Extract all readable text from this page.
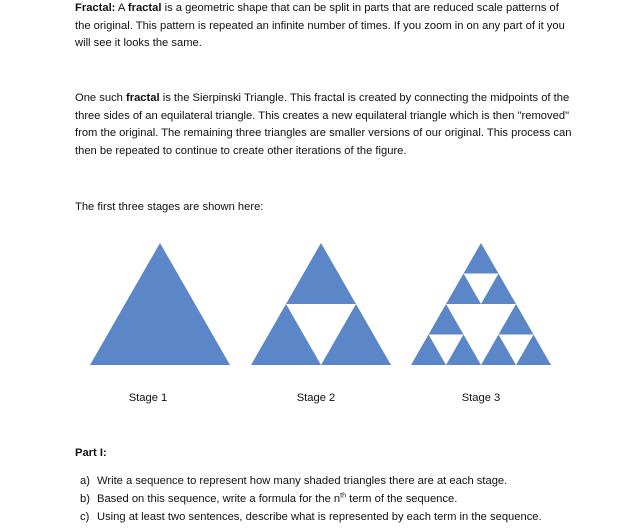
Fractal: A fractal is a geometric shape that can be split in parts that are reduced scale patterns of the original. This pattern is repeated an infinite number of times. If you zoom in on any part of it you will see it looks the same.

One such fractal is the Sierpinski Triangle. This fractal is created by connecting the midpoints of the three sides of an equilateral triangle. This creates a new equilateral triangle which is then "removed" from the original. The remaining three triangles are smaller versions of our original. This process can then be repeated to continue to create other iterations of the figure.

The first three stages are shown here:

Stage 1	Stage 2	Stage 3
Part I:
a) Write a sequence to represent how many shaded triangles there are at each stage.
b) Based on this sequence, write a formula for the $n^{th}$ term of the sequence.
c) Using at least two sentences, describe what is represented by each term in the sequence.
